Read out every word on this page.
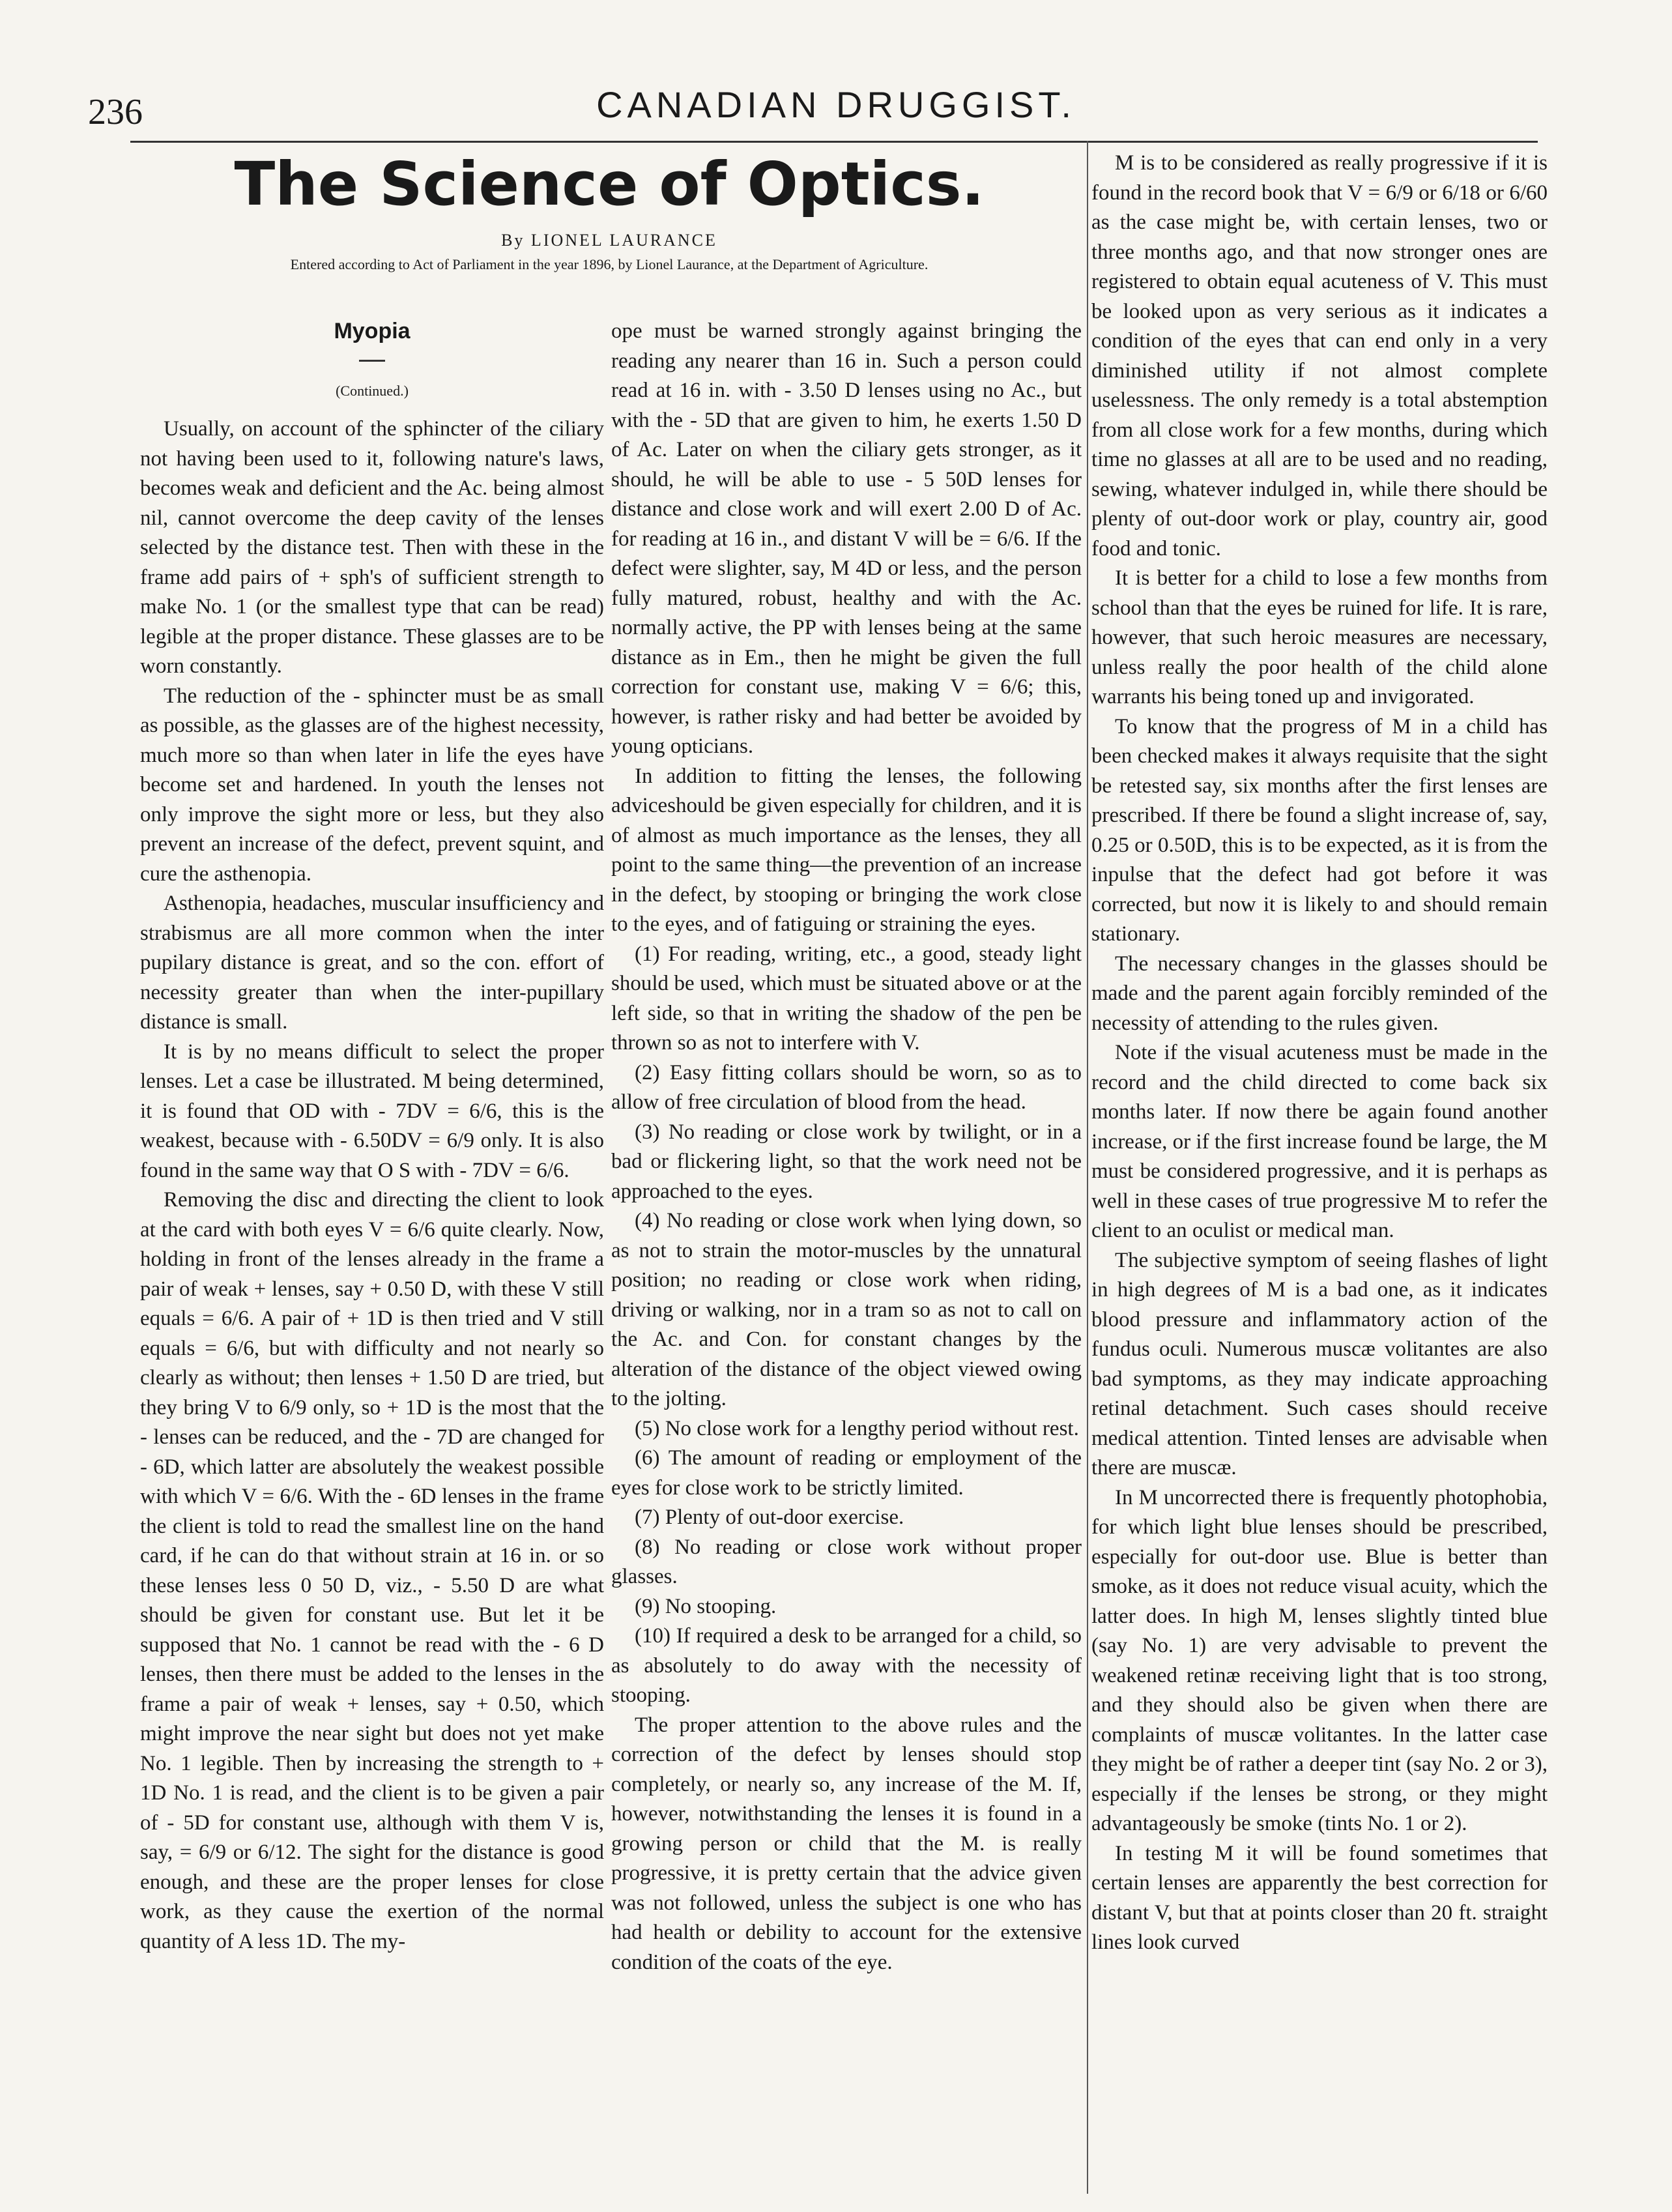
236	CANADIAN DRUGGIST.
The Science of Optics.
By LIONEL LAURANCE
Entered according to Act of Parliament in the year 1896, by Lionel Laurance, at the Department of Agriculture.
Myopia
(Continued.)

Usually, on account of the sphincter of the ciliary not having been used to it, following nature's laws, becomes weak and deficient and the Ac. being almost nil, cannot overcome the deep cavity of the lenses selected by the distance test. Then with these in the frame add pairs of + sph's of sufficient strength to make No. 1 (or the smallest type that can be read) legible at the proper distance. These glasses are to be worn constantly.

The reduction of the - sphincter must be as small as possible, as the glasses are of the highest necessity, much more so than when later in life the eyes have become set and hardened. In youth the lenses not only improve the sight more or less, but they also prevent an increase of the defect, prevent squint, and cure the asthenopia.

Asthenopia, headaches, muscular insufficiency and strabismus are all more common when the inter pupilary distance is great, and so the con. effort of necessity greater than when the inter-pupillary distance is small.

It is by no means difficult to select the proper lenses. Let a case be illustrated. M being determined, it is found that OD with - 7DV = 6/6, this is the weakest, because with - 6.50DV = 6/9 only. It is also found in the same way that O S with - 7DV = 6/6.

Removing the disc and directing the client to look at the card with both eyes V = 6/6 quite clearly. Now, holding in front of the lenses already in the frame a pair of weak + lenses, say + 0.50 D, with these V still equals = 6/6. A pair of + 1D is then tried and V still equals = 6/6, but with difficulty and not nearly so clearly as without; then lenses + 1.50 D are tried, but they bring V to 6/9 only, so + 1D is the most that the - lenses can be reduced, and the - 7D are changed for - 6D, which latter are absolutely the weakest possible with which V = 6/6. With the - 6D lenses in the frame the client is told to read the smallest line on the hand card, if he can do that without strain at 16 in. or so these lenses less 0 50 D, viz., - 5.50 D are what should be given for constant use. But let it be supposed that No. 1 cannot be read with the - 6 D lenses, then there must be added to the lenses in the frame a pair of weak + lenses, say + 0.50, which might improve the near sight but does not yet make No. 1 legible. Then by increasing the strength to + 1D No. 1 is read, and the client is to be given a pair of - 5D for constant use, although with them V is, say, = 6/9 or 6/12. The sight for the distance is good enough, and these are the proper lenses for close work, as they cause the exertion of the normal quantity of A less 1D. The my-

ope must be warned strongly against bringing the reading any nearer than 16 in. Such a person could read at 16 in. with - 3.50 D lenses using no Ac., but with the - 5D that are given to him, he exerts 1.50 D of Ac. Later on when the ciliary gets stronger, as it should, he will be able to use - 5 50D lenses for distance and close work and will exert 2.00 D of Ac. for reading at 16 in., and distant V will be = 6/6. If the defect were slighter, say, M 4D or less, and the person fully matured, robust, healthy and with the Ac. normally active, the PP with lenses being at the same distance as in Em., then he might be given the full correction for constant use, making V = 6/6; this, however, is rather risky and had better be avoided by young opticians.

In addition to fitting the lenses, the following adviceshould be given especially for children, and it is of almost as much importance as the lenses, they all point to the same thing—the prevention of an increase in the defect, by stooping or bringing the work close to the eyes, and of fatiguing or straining the eyes.

(1) For reading, writing, etc., a good, steady light should be used, which must be situated above or at the left side, so that in writing the shadow of the pen be thrown so as not to interfere with V.

(2) Easy fitting collars should be worn, so as to allow of free circulation of blood from the head.

(3) No reading or close work by twilight, or in a bad or flickering light, so that the work need not be approached to the eyes.

(4) No reading or close work when lying down, so as not to strain the motor-muscles by the unnatural position; no reading or close work when riding, driving or walking, nor in a tram so as not to call on the Ac. and Con. for constant changes by the alteration of the distance of the object viewed owing to the jolting.

(5) No close work for a lengthy period without rest.

(6) The amount of reading or employment of the eyes for close work to be strictly limited.

(7) Plenty of out-door exercise.

(8) No reading or close work without proper glasses.

(9) No stooping.

(10) If required a desk to be arranged for a child, so as absolutely to do away with the necessity of stooping.

The proper attention to the above rules and the correction of the defect by lenses should stop completely, or nearly so, any increase of the M. If, however, notwithstanding the lenses it is found in a growing person or child that the M. is really progressive, it is pretty certain that the advice given was not followed, unless the subject is one who has had health or debility to account for the extensive condition of the coats of the eye.

M is to be considered as really progressive if it is found in the record book that V = 6/9 or 6/18 or 6/60 as the case might be, with certain lenses, two or three months ago, and that now stronger ones are registered to obtain equal acuteness of V. This must be looked upon as very serious as it indicates a condition of the eyes that can end only in a very diminished utility if not almost complete uselessness. The only remedy is a total abstemption from all close work for a few months, during which time no glasses at all are to be used and no reading, sewing, whatever indulged in, while there should be plenty of out-door work or play, country air, good food and tonic.

It is better for a child to lose a few months from school than that the eyes be ruined for life. It is rare, however, that such heroic measures are necessary, unless really the poor health of the child alone warrants his being toned up and invigorated.

To know that the progress of M in a child has been checked makes it always requisite that the sight be retested say, six months after the first lenses are prescribed. If there be found a slight increase of, say, 0.25 or 0.50D, this is to be expected, as it is from the inpulse that the defect had got before it was corrected, but now it is likely to and should remain stationary.

The necessary changes in the glasses should be made and the parent again forcibly reminded of the necessity of attending to the rules given.

Note if the visual acuteness must be made in the record and the child directed to come back six months later. If now there be again found another increase, or if the first increase found be large, the M must be considered progressive, and it is perhaps as well in these cases of true progressive M to refer the client to an oculist or medical man.

The subjective symptom of seeing flashes of light in high degrees of M is a bad one, as it indicates blood pressure and inflammatory action of the fundus oculi. Numerous muscæ volitantes are also bad symptoms, as they may indicate approaching retinal detachment. Such cases should receive medical attention. Tinted lenses are advisable when there are muscæ.

In M uncorrected there is frequently photophobia, for which light blue lenses should be prescribed, especially for out-door use. Blue is better than smoke, as it does not reduce visual acuity, which the latter does. In high M, lenses slightly tinted blue (say No. 1) are very advisable to prevent the weakened retinæ receiving light that is too strong, and they should also be given when there are complaints of muscæ volitantes. In the latter case they might be of rather a deeper tint (say No. 2 or 3), especially if the lenses be strong, or they might advantageously be smoke (tints No. 1 or 2).

In testing M it will be found sometimes that certain lenses are apparently the best correction for distant V, but that at points closer than 20 ft. straight lines look curved
